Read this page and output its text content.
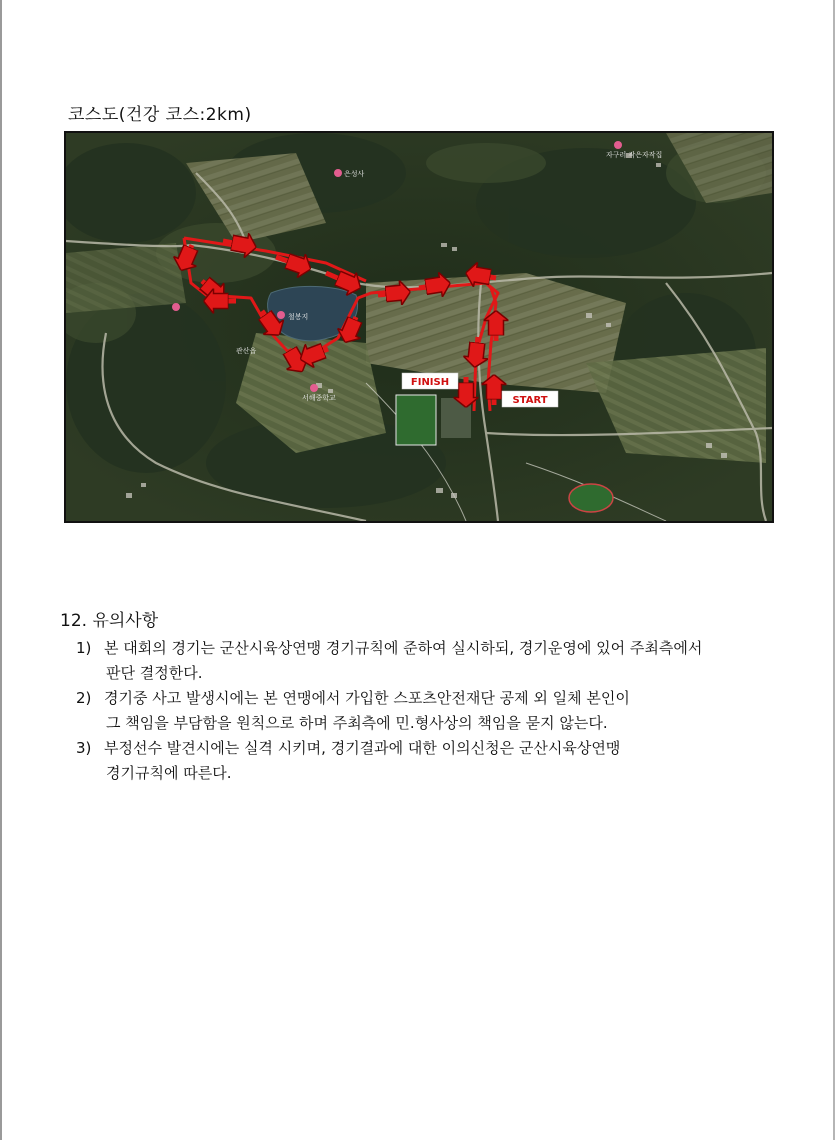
코스도(건강 코스:2km)
자구러 작은자작집
은성사
철봉지
관산읍
서해중학교
FINISH
START
12. 유의사항
1) 본 대회의 경기는 군산시육상연맹 경기규칙에 준하여 실시하되, 경기운영에 있어 주최측에서
판단 결정한다.
2) 경기중 사고 발생시에는 본 연맹에서 가입한 스포츠안전재단 공제 외 일체 본인이
그 책임을 부담함을 원칙으로 하며 주최측에 민.형사상의 책임을 묻지 않는다.
3) 부정선수 발견시에는 실격 시키며, 경기결과에 대한 이의신청은 군산시육상연맹
경기규칙에 따른다.
